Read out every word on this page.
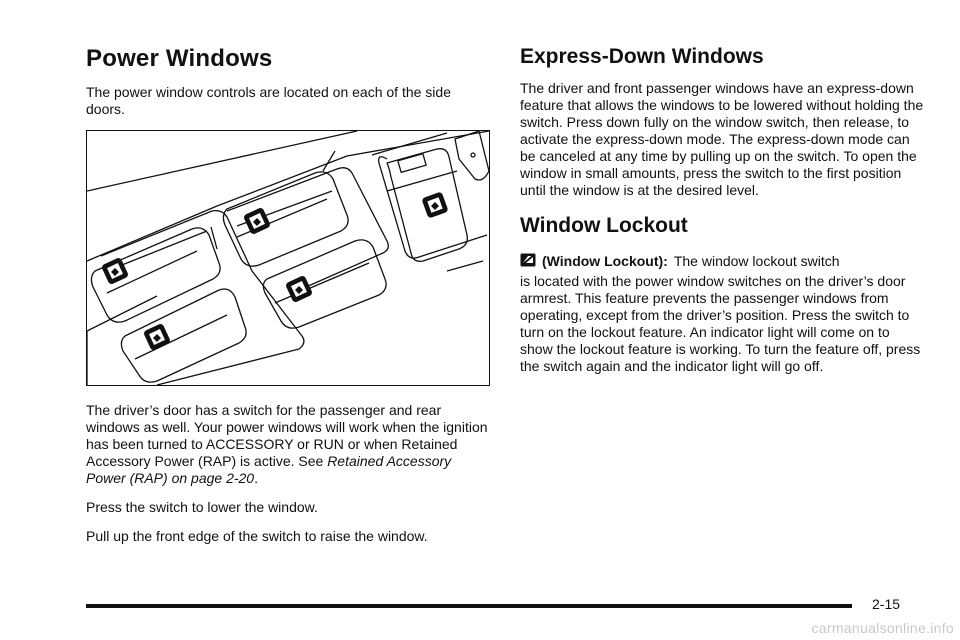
Power Windows

The power window controls are located on each of the side doors.

The driver’s door has a switch for the passenger and rear windows as well. Your power windows will work when the ignition has been turned to ACCESSORY or RUN or when Retained Accessory Power (RAP) is active. See Retained Accessory Power (RAP) on page 2-20.

Press the switch to lower the window.

Pull up the front edge of the switch to raise the window.

Express-Down Windows

The driver and front passenger windows have an express-down feature that allows the windows to be lowered without holding the switch. Press down fully on the window switch, then release, to activate the express-down mode. The express-down mode can be canceled at any time by pulling up on the switch. To open the window in small amounts, press the switch to the first position until the window is at the desired level.

Window Lockout
(Window Lockout): The window lockout switch

is located with the power window switches on the driver’s door armrest. This feature prevents the passenger windows from operating, except from the driver’s position. Press the switch to turn on the lockout feature. An indicator light will come on to show the lockout feature is working. To turn the feature off, press the switch again and the indicator light will go off.

2-15
carmanualsonline.info
